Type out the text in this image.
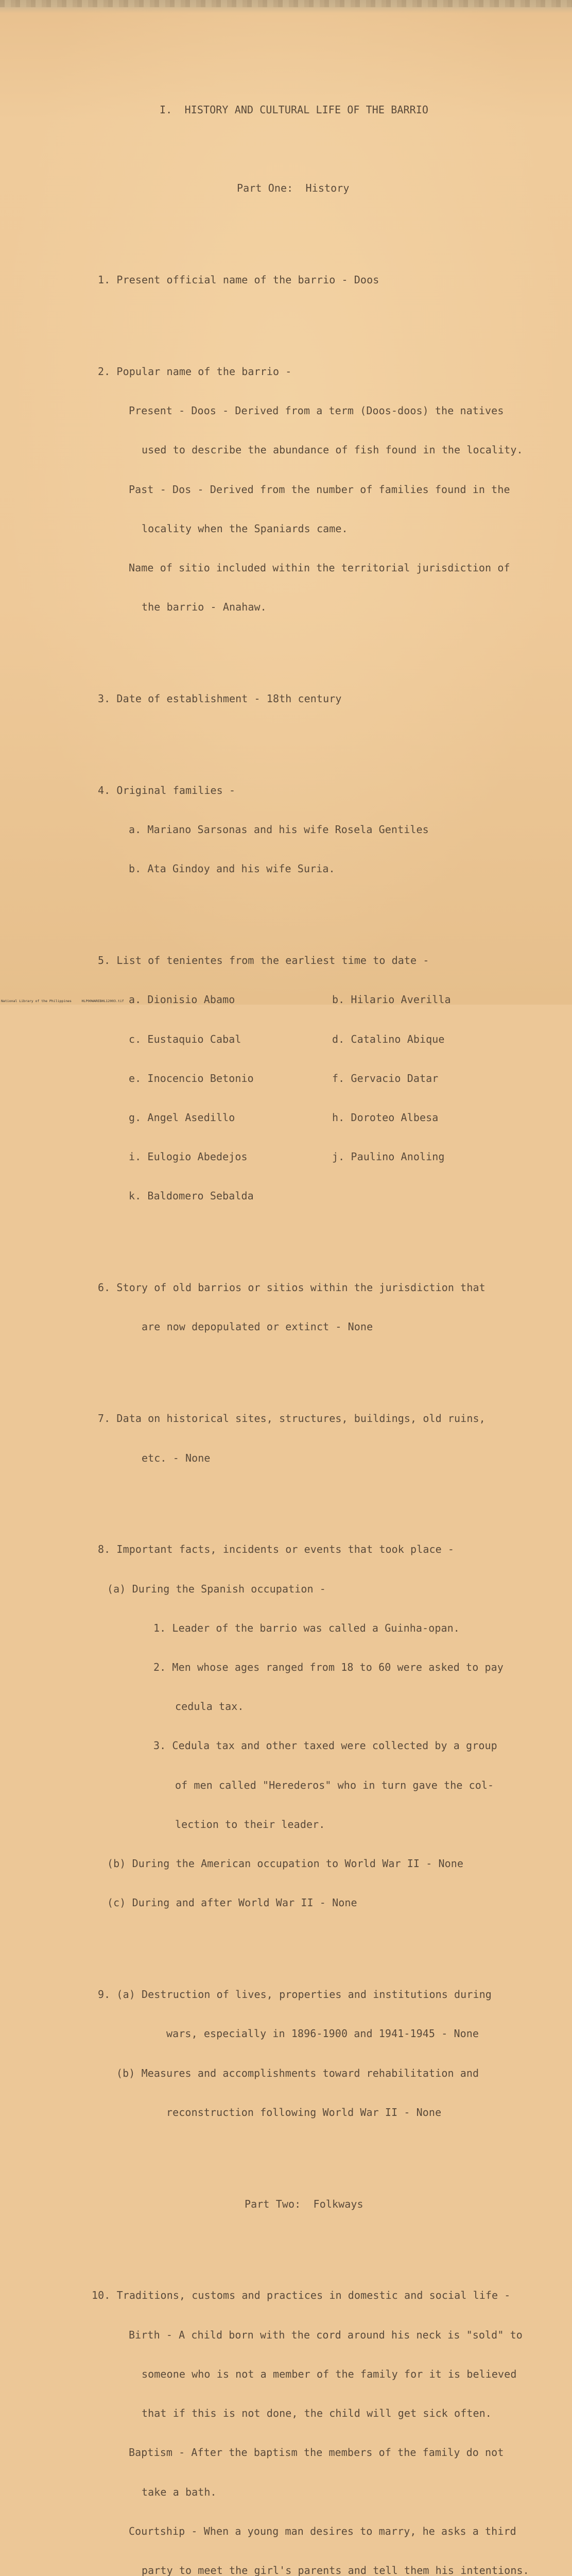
I.  HISTORY AND CULTURAL LIFE OF THE BARRIO

Part One:  History

1. Present official name of the barrio - Doos

2. Popular name of the barrio -

Present - Doos - Derived from a term (Doos-doos) the natives

used to describe the abundance of fish found in the locality.

Past - Dos - Derived from the number of families found in the

locality when the Spaniards came.

Name of sitio included within the territorial jurisdiction of

the barrio - Anahaw.

3. Date of establishment - 18th century

4. Original families -

a. Mariano Sarsonas and his wife Rosela Gentiles

b. Ata Gindoy and his wife Suria.

5. List of tenientes from the earliest time to date -

a. Dionisio Abamo	b. Hilario Averilla

c. Eustaquio Cabal	d. Catalino Abique

e. Inocencio Betonio	f. Gervacio Datar

g. Angel Asedillo	h. Doroteo Albesa

i. Eulogio Abedejos	j. Paulino Anoling

k. Baldomero Sebalda

6. Story of old barrios or sitios within the jurisdiction that

are now depopulated or extinct - None

7. Data on historical sites, structures, buildings, old ruins,

etc. - None

8. Important facts, incidents or events that took place -

(a) During the Spanish occupation -

1. Leader of the barrio was called a Guinha-opan.

2. Men whose ages ranged from 18 to 60 were asked to pay

cedula tax.

3. Cedula tax and other taxed were collected by a group

of men called "Herederos" who in turn gave the col-

lection to their leader.

(b) During the American occupation to World War II - None

(c) During and after World War II - None

9. (a) Destruction of lives, properties and institutions during

wars, especially in 1896-1900 and 1941-1945 - None

(b) Measures and accomplishments toward rehabilitation and

reconstruction following World War II - None

Part Two:  Folkways

10. Traditions, customs and practices in domestic and social life -

Birth - A child born with the cord around his neck is "sold" to

someone who is not a member of the family for it is believed

that if this is not done, the child will get sick often.

Baptism - After the baptism the members of the family do not

take a bath.

Courtship - When a young man desires to marry, he asks a third

party to meet the girl's parents and tell them his intentions.

National Library of the Philippines     HLP00WAREBHL12003.tif
